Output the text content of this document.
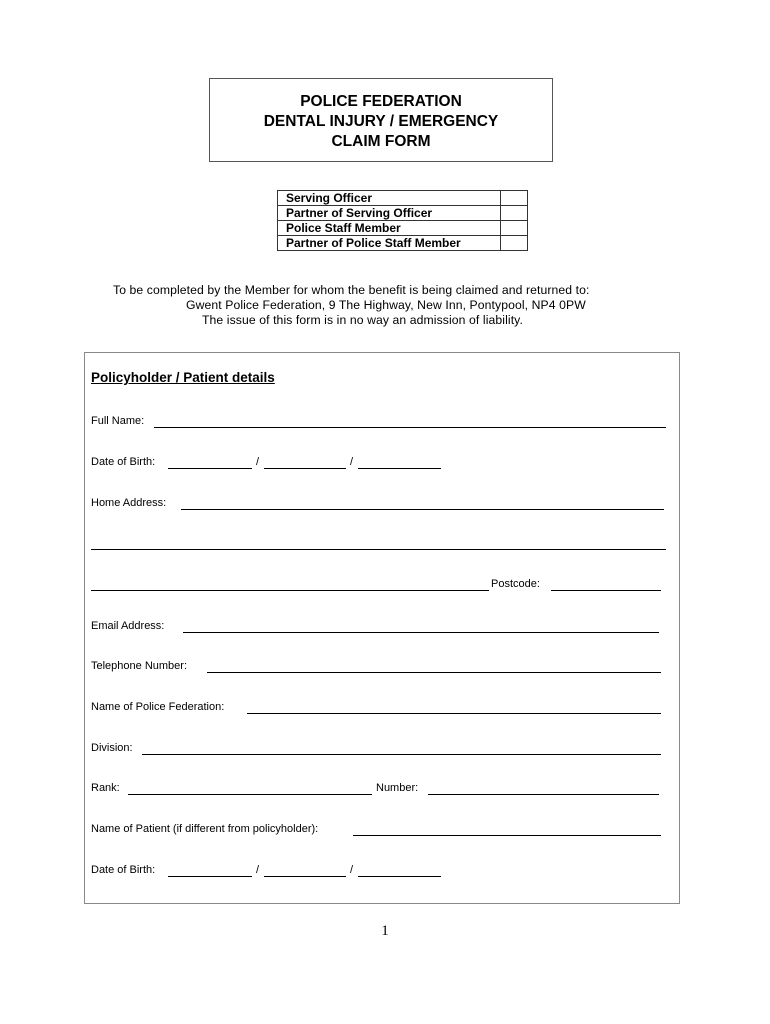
POLICE FEDERATION
DENTAL INJURY / EMERGENCY
CLAIM FORM
Serving Officer	
Partner of Serving Officer	
Police Staff Member	
Partner of Police Staff Member	
To be completed by the Member for whom the benefit is being claimed and returned to:
Gwent Police Federation, 9 The Highway, New Inn, Pontypool, NP4 0PW
The issue of this form is in no way an admission of liability.
Policyholder / Patient details
Full Name:
Date of Birth:	/	/
Home Address:
Postcode:
Email Address:
Telephone Number:
Name of Police Federation:
Division:
Rank:	Number:
Name of Patient (if different from policyholder):
Date of Birth:	/	/
1
